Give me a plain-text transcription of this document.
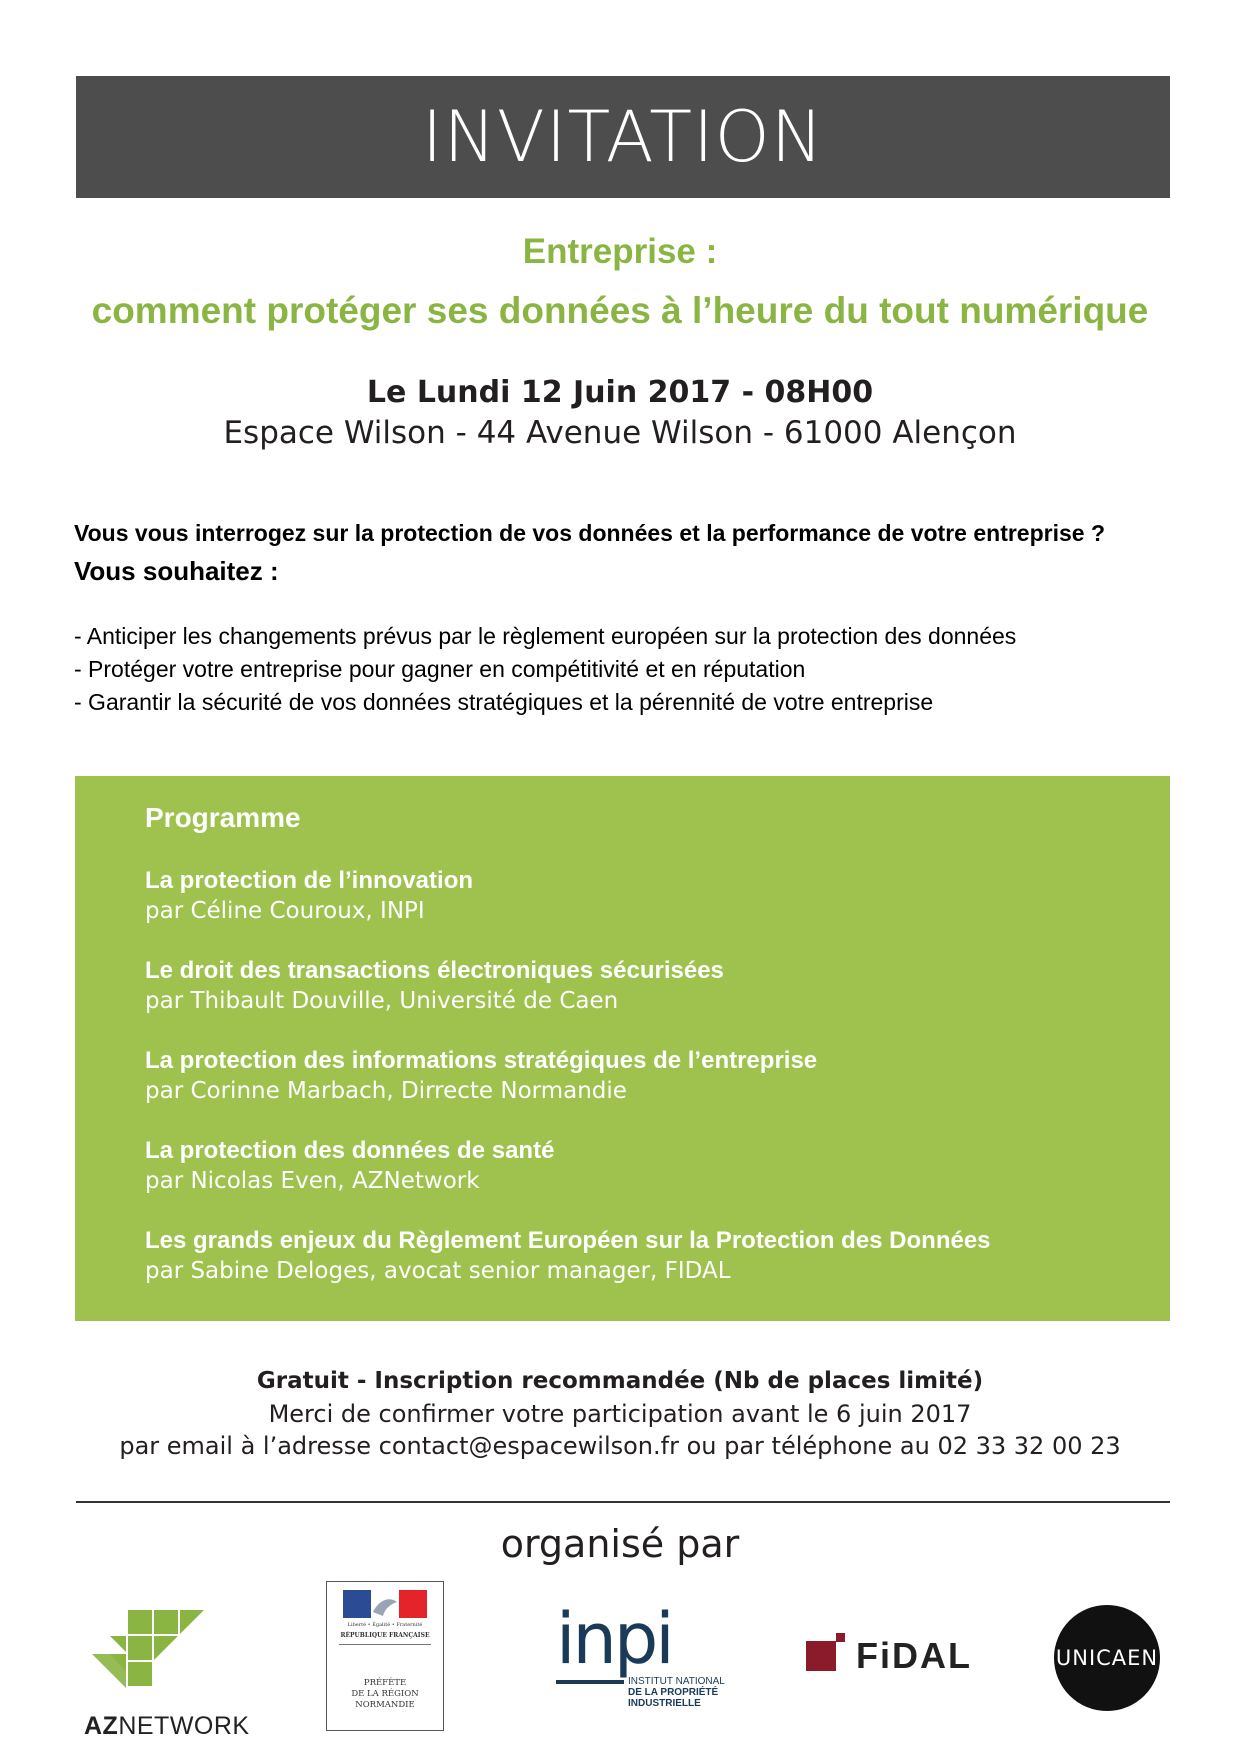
INVITATION
Entreprise :
comment protéger ses données à l’heure du tout numérique
Le Lundi 12 Juin 2017 - 08H00
Espace Wilson - 44 Avenue Wilson - 61000 Alençon
Vous vous interrogez sur la protection de vos données et la performance de votre entreprise ?
Vous souhaitez :
- Anticiper les changements prévus par le règlement européen sur la protection des données
- Protéger votre entreprise pour gagner en compétitivité et en réputation
- Garantir la sécurité de vos données stratégiques et la pérennité de votre entreprise
Programme
La protection de l’innovation
par Céline Couroux, INPI
Le droit des transactions électroniques sécurisées
par Thibault Douville, Université de Caen
La protection des informations stratégiques de l’entreprise
par Corinne Marbach, Dirrecte Normandie
La protection des données de santé
par Nicolas Even, AZNetwork
Les grands enjeux du Règlement Européen sur la Protection des Données
par Sabine Deloges, avocat senior manager, FIDAL
Gratuit - Inscription recommandée (Nb de places limité)
Merci de confirmer votre participation avant le 6 juin 2017
par email à l’adresse contact@espacewilson.fr ou par téléphone au 02 33 32 00 23
organisé par
AZNETWORK
Liberté • Égalité • Fraternité
RÉPUBLIQUE FRANÇAISE
PRÉFÈTE
DE LA RÉGION
NORMANDIE
inpi
INSTITUT NATIONAL
DE LA PROPRIÉTÉ
INDUSTRIELLE
FiDAL	UNICAEN
